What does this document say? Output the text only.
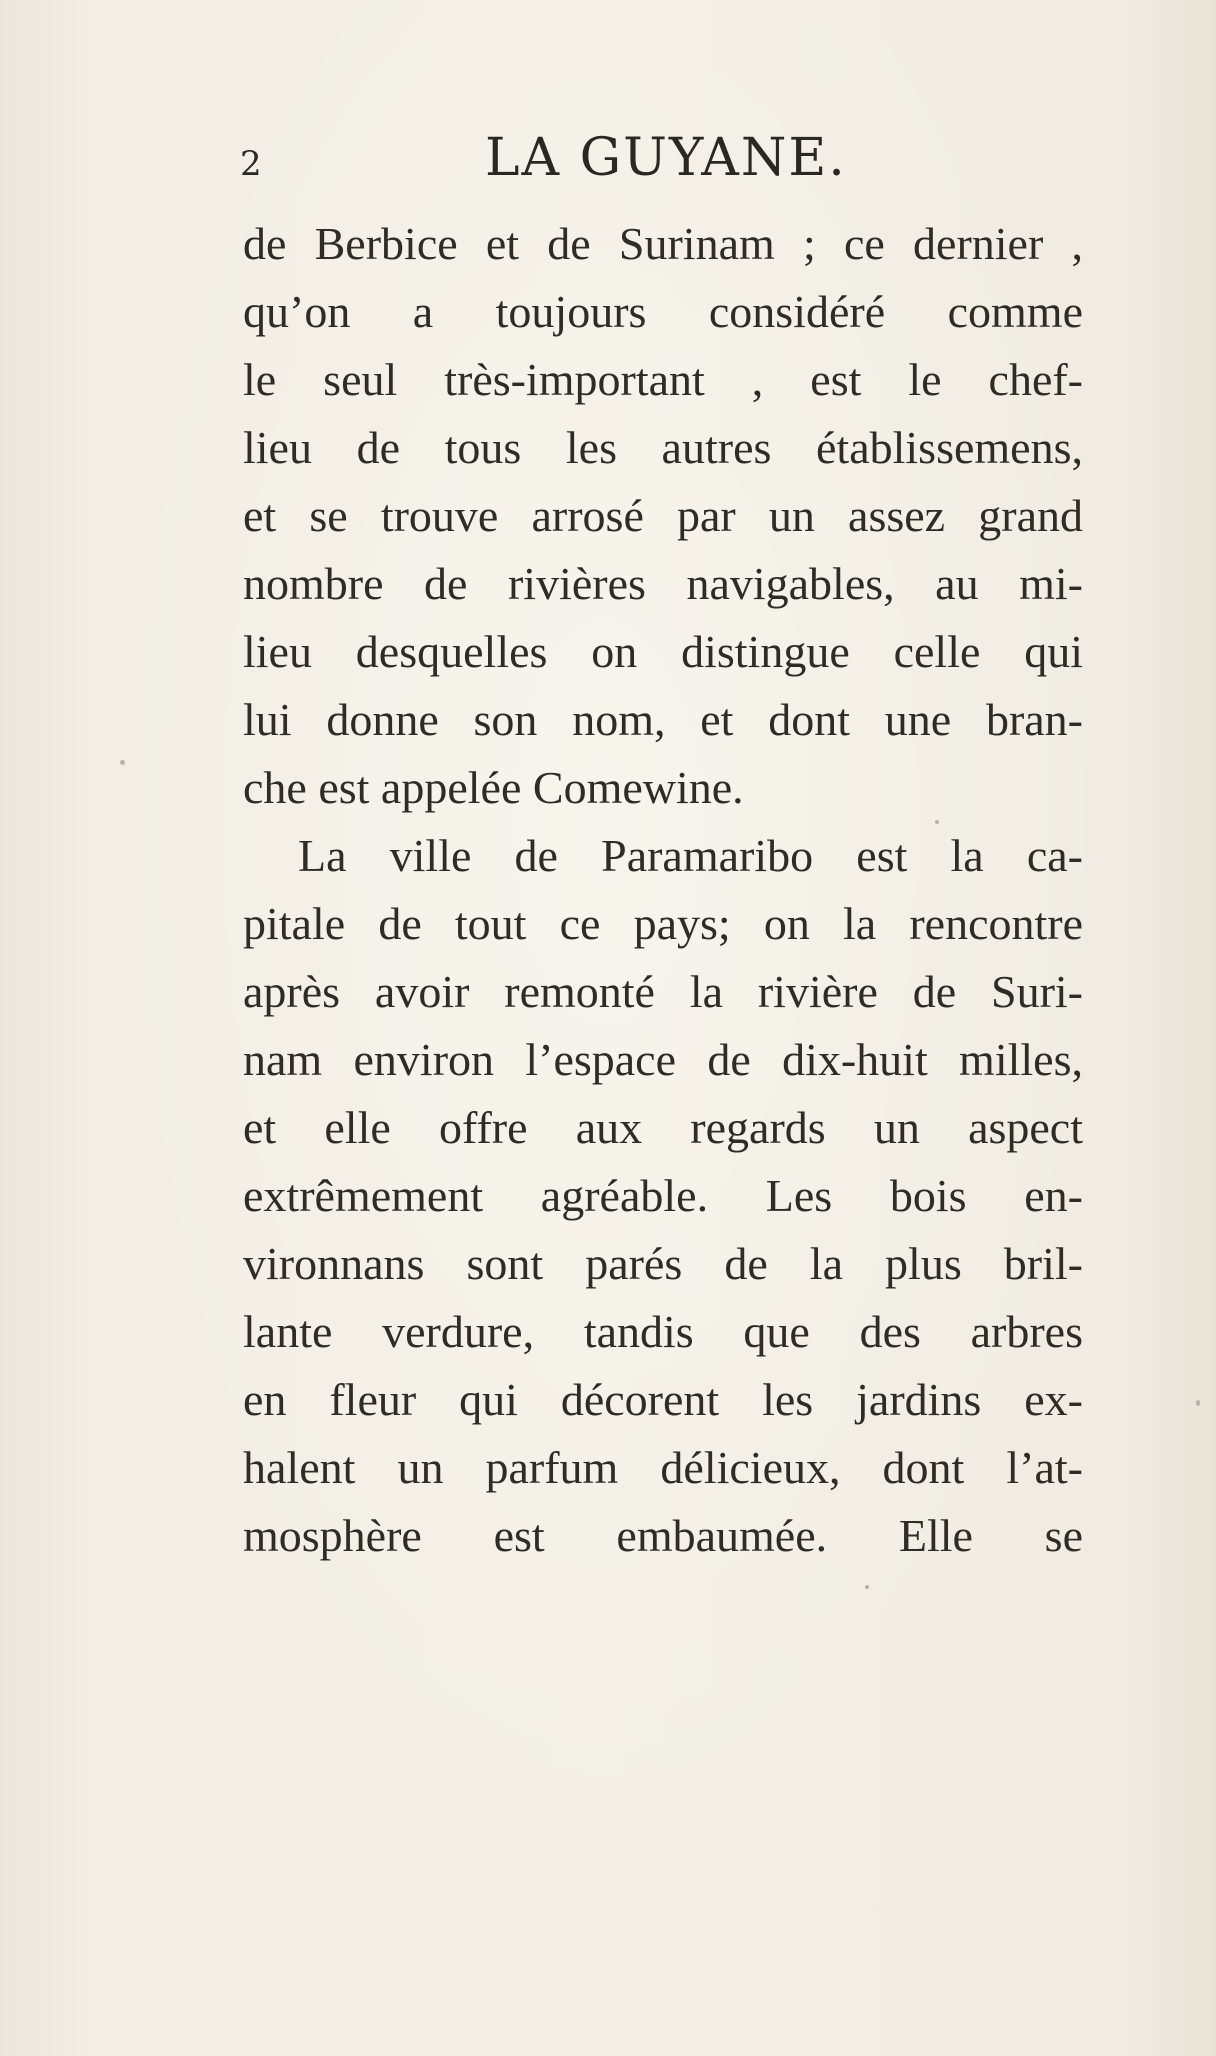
2	LA GUYANE.
de Berbice et de Surinam ; ce dernier ,
qu’on a toujours considéré comme
le seul très-important , est le chef-
lieu de tous les autres établissemens,
et se trouve arrosé par un assez grand
nombre de rivières navigables, au mi-
lieu desquelles on distingue celle qui
lui donne son nom, et dont une bran-
che est appelée Comewine.
La ville de Paramaribo est la ca-
pitale de tout ce pays; on la rencontre
après avoir remonté la rivière de Suri-
nam environ l’espace de dix-huit milles,
et elle offre aux regards un aspect
extrêmement agréable. Les bois en-
vironnans sont parés de la plus bril-
lante verdure, tandis que des arbres
en fleur qui décorent les jardins ex-
halent un parfum délicieux, dont l’at-
mosphère est embaumée. Elle se
